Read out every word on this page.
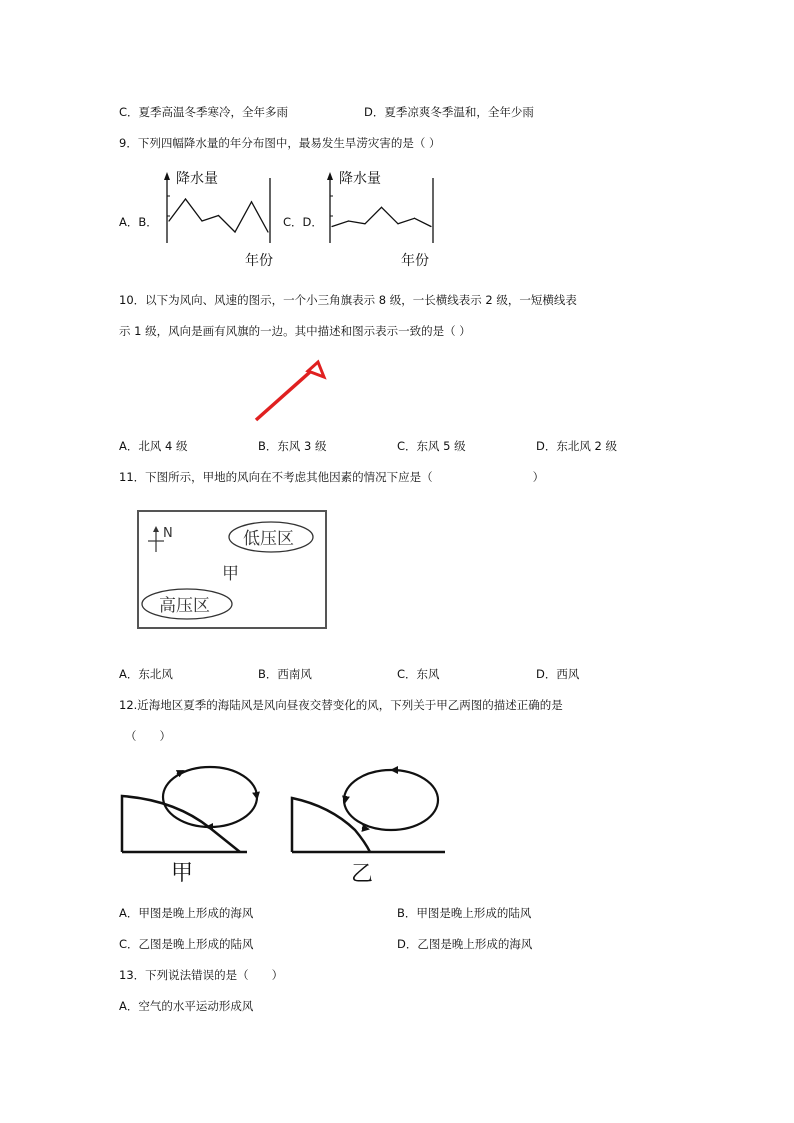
C．夏季高温冬季寒冷，全年多雨	D．夏季凉爽冬季温和，全年少雨
9．下列四幅降水量的年分布图中，最易发生旱涝灾害的是（ ）
A．B．	C．D．
降水量
年份
降水量
年份
10．以下为风向、风速的图示，一个小三角旗表示 8 级，一长横线表示 2 级，一短横线表
示 1 级，风向是画有风旗的一边。其中描述和图示表示一致的是（ ）
A．北风 4 级	B．东风 3 级	C．东风 5 级	D．东北风 2 级
11．下图所示，甲地的风向在不考虑其他因素的情况下应是（	）
N	低压区
甲
高压区
A．东北风	B．西南风	C．东风	D．西风
12.近海地区夏季的海陆风是风向昼夜交替变化的风，下列关于甲乙两图的描述正确的是
（　　）
甲	乙
A．甲图是晚上形成的海风	B．甲图是晚上形成的陆风
C．乙图是晚上形成的陆风	D．乙图是晚上形成的海风
13．下列说法错误的是（　　）
A．空气的水平运动形成风
